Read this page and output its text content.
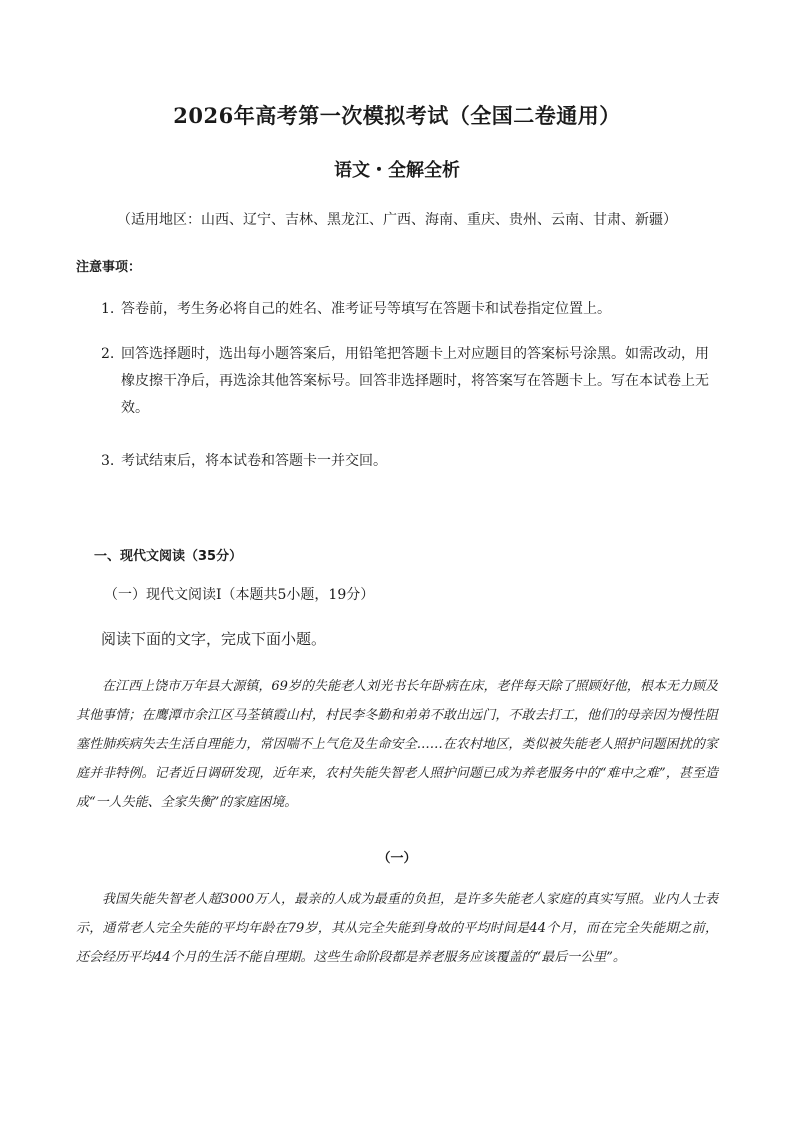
2026年高考第一次模拟考试（全国二卷通用）
语文・全解全析
（适用地区：山西、辽宁、吉林、黑龙江、广西、海南、重庆、贵州、云南、甘肃、新疆）
注意事项：
1. 答卷前，考生务必将自己的姓名、准考证号等填写在答题卡和试卷指定位置上。
2. 回答选择题时，选出每小题答案后，用铅笔把答题卡上对应题目的答案标号涂黑。如需改动，用橡皮擦干净后，再选涂其他答案标号。回答非选择题时，将答案写在答题卡上。写在本试卷上无效。
3. 考试结束后，将本试卷和答题卡一并交回。
一、现代文阅读（35分）
（一）现代文阅读Ⅰ（本题共5小题，19分）
阅读下面的文字，完成下面小题。

在江西上饶市万年县大源镇，69岁的失能老人刘光书长年卧病在床，老伴每天除了照顾好他，根本无力顾及其他事情；在鹰潭市余江区马荃镇霞山村，村民李冬勤和弟弟不敢出远门，不敢去打工，他们的母亲因为慢性阻塞性肺疾病失去生活自理能力，常因喘不上气危及生命安全……在农村地区，类似被失能老人照护问题困扰的家庭并非特例。记者近日调研发现，近年来，农村失能失智老人照护问题已成为养老服务中的“难中之难”，甚至造成“一人失能、全家失衡”的家庭困境。

（一）

我国失能失智老人超3000万人，最亲的人成为最重的负担，是许多失能老人家庭的真实写照。业内人士表示，通常老人完全失能的平均年龄在79岁，其从完全失能到身故的平均时间是44个月，而在完全失能期之前，还会经历平均44个月的生活不能自理期。这些生命阶段都是养老服务应该覆盖的“最后一公里”。
